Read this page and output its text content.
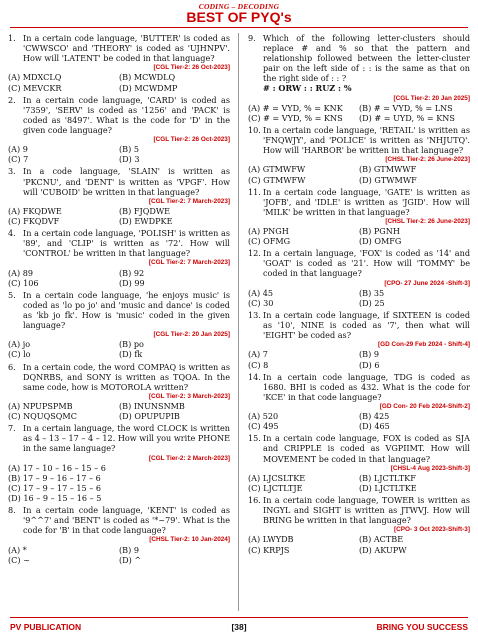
CODING – DECODING
BEST OF PYQ's
1. In a certain code language, 'BUTTER' is coded as 'CWWSCO' and 'THEORY' is coded as 'UJHNPV'. How will 'LATENT' be coded in that language?
[CGL Tier-2: 26 Oct-2023]
(A) MDXCLQ	(B) MCWDLQ
(C) MEVCKR	(D) MCWDMP
2. In a certain code language, 'CARD' is coded as '7359', 'SERV' is coded as '1256' and 'PACK' is coded as '8497'. What is the code for 'D' in the given code language?
[CGL Tier-2: 26 Oct-2023]
(A) 9	(B) 5
(C) 7	(D) 3
3. In a code language, 'SLAIN' is written as 'PKCNU', and 'DENT' is written as 'VPGF'. How will 'CUBOID' be written in that language?
[CGL Tier-2: 7 March-2023]
(A) FKQDWE	(B) FJQDWE
(C) FKQDVF	(D) EWDPKE
4. In a certain code language, 'POLISH' is written as '89', and 'CLIP' is written as '72'. How will 'CONTROL' be written in that language?
[CGL Tier-2: 7 March-2023]
(A) 89	(B) 92
(C) 106	(D) 99
5. In a certain code language, 'he enjoys music' is coded as 'lo po jo' and 'music and dance' is coded as 'kb jo fk'. How is 'music' coded in the given language?
[CGL Tier-2: 20 Jan 2025]
(A) jo	(B) po
(C) lo	(D) fk
6. In a certain code, the word COMPAQ is written as DQNRBS, and SONY is written as TQOA. In the same code, how is MOTOROLA written?
[CGL Tier-2: 3 March-2023]
(A) NPUPSPMB	(B) INUNSNMB
(C) NQUQSQMC	(D) OPUPUPIB
7. In a certain language, the word CLOCK is written as 4 – 13 – 17 – 4 – 12. How will you write PHONE in the same language?
[CGL Tier-2: 2 March-2023]
(A) 17 – 10 – 16 – 15 – 6
(B) 17 – 9 – 16 – 17 – 6
(C) 17 – 9 – 17 – 15 – 6
(D) 16 – 9 – 15 – 16 – 5
8. In a certain code language, 'KENT' is coded as '9^^7' and 'BENT' is coded as '*~79'. What is the code for 'B' in that code language?
[CHSL Tier-2: 10 Jan-2024]
(A) *	(B) 9
(C) ~	(D) ^
9. Which of the following letter-clusters should replace # and % so that the pattern and relationship followed between the letter-cluster pair on the left side of : : is the same as that on the right side of : : ?
# : ORW : : RUZ : %
[CGL Tier-2: 20 Jan 2025]
(A) # = VYD, % = KNK	(B) # = VYD, % = LNS
(C) # = VYD, % = KNS	(D) # = UYD, % = KNS
10. In a certain code language, 'RETAIL' is written as 'FNQWJY', and 'POLICE' is written as 'NHJUTQ'. How will 'HARBOR' be written in that language?
[CHSL Tier-2: 26 June-2023]
(A) GTMWFW	(B) GTMWWF
(C) GTMWFW	(D) GTWMWF
11. In a certain code language, 'GATE' is written as 'JOFB', and 'IDLE' is written as 'JGID'. How will 'MILK' be written in that language?
[CHSL Tier-2: 26 June-2023]
(A) PNGH	(B) PGNH
(C) OFMG	(D) OMFG
12. In a certain language, 'FOX' is coded as '14' and 'GOAT' is coded as '21'. How will 'TOMMY' be coded in that language?
[CPO- 27 June 2024 -Shift-3]
(A) 45	(B) 35
(C) 30	(D) 25
13. In a certain code language, if SIXTEEN is coded as '10', NINE is coded as '7', then what will 'EIGHT' be coded as?
[GD Con-29 Feb 2024 - Shift-4]
(A) 7	(B) 9
(C) 8	(D) 6
14. In a certain code language, TDG is coded as 1680. BHI is coded as 432. What is the code for 'KCE' in that code language?
[GD Con- 20 Feb 2024-Shift-2]
(A) 520	(B) 425
(C) 495	(D) 465
15. In a certain code language, FOX is coded as SJA and CRIPPLE is coded as VGPIIMT. How will MOVEMENT be coded in that language?
[CHSL-4 Aug 2023-Shift-3]
(A) LJCSLTKE	(B) LJCTLTKF
(C) LJCTLTJE	(D) LJCTLTKE
16. In a certain code language, TOWER is written as INGYL and SIGHT is written as JTWVJ. How will BRING be written in that language?
[CPO- 3 Oct 2023-Shift-3]
(A) LWYDB	(B) ACTBE
(C) KRPJS	(D) AKUPW
PV PUBLICATION	[38]	BRING YOU SUCCESS
